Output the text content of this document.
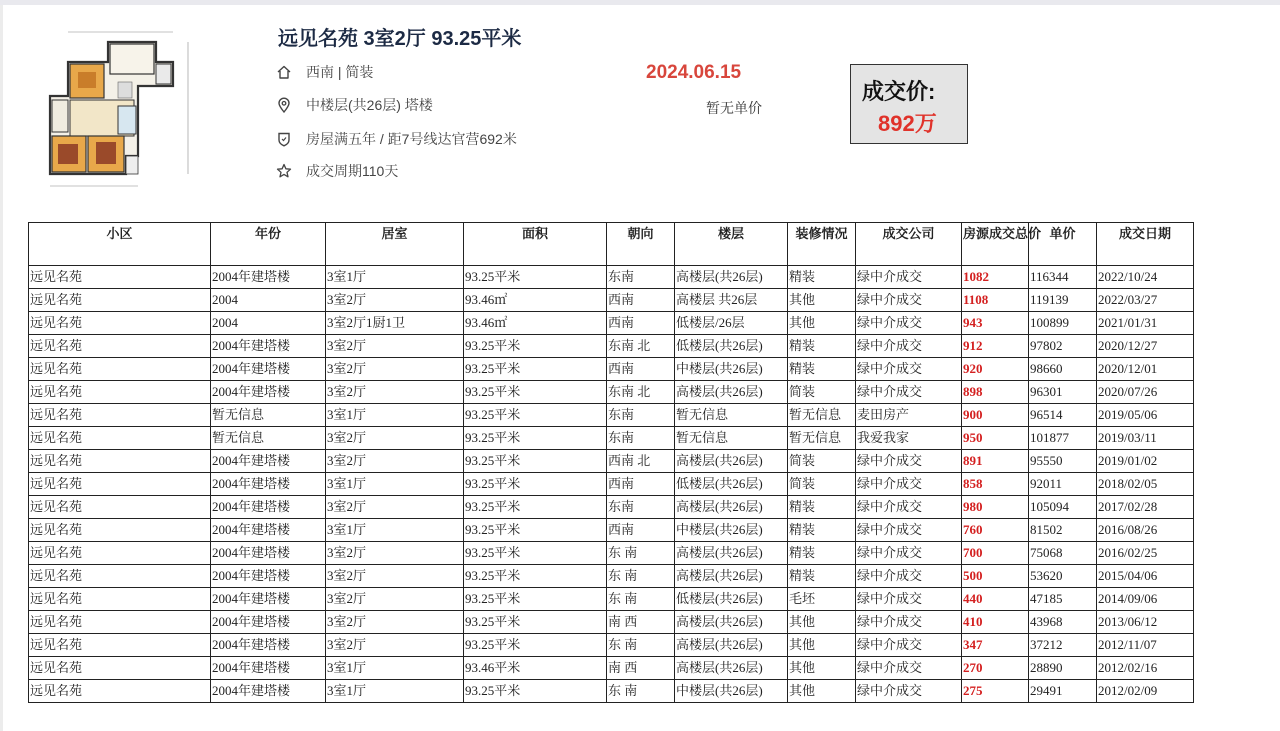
远见名苑 3室2厅 93.25平米
西南 | 简装
中楼层(共26层) 塔楼
房屋满五年 / 距7号线达官营692米
成交周期110天
2024.06.15
暂无单价
成交价:
892万
小区	年份	居室	面积	朝向	楼层	装修情况	成交公司	房源成交总价	单价	成交日期
远见名苑	2004年建塔楼	3室1厅	93.25平米	东南	高楼层(共26层)	精装	绿中介成交	1082	116344	2022/10/24
远见名苑	2004	3室2厅	93.46㎡	西南	高楼层 共26层	其他	绿中介成交	1108	119139	2022/03/27
远见名苑	2004	3室2厅1厨1卫	93.46㎡	西南	低楼层/26层	其他	绿中介成交	943	100899	2021/01/31
远见名苑	2004年建塔楼	3室2厅	93.25平米	东南 北	低楼层(共26层)	精装	绿中介成交	912	97802	2020/12/27
远见名苑	2004年建塔楼	3室2厅	93.25平米	西南	中楼层(共26层)	精装	绿中介成交	920	98660	2020/12/01
远见名苑	2004年建塔楼	3室2厅	93.25平米	东南 北	高楼层(共26层)	简装	绿中介成交	898	96301	2020/07/26
远见名苑	暂无信息	3室1厅	93.25平米	东南	暂无信息	暂无信息	麦田房产	900	96514	2019/05/06
远见名苑	暂无信息	3室2厅	93.25平米	东南	暂无信息	暂无信息	我爱我家	950	101877	2019/03/11
远见名苑	2004年建塔楼	3室2厅	93.25平米	西南 北	高楼层(共26层)	简装	绿中介成交	891	95550	2019/01/02
远见名苑	2004年建塔楼	3室1厅	93.25平米	西南	低楼层(共26层)	简装	绿中介成交	858	92011	2018/02/05
远见名苑	2004年建塔楼	3室2厅	93.25平米	东南	高楼层(共26层)	精装	绿中介成交	980	105094	2017/02/28
远见名苑	2004年建塔楼	3室1厅	93.25平米	西南	中楼层(共26层)	精装	绿中介成交	760	81502	2016/08/26
远见名苑	2004年建塔楼	3室2厅	93.25平米	东 南	高楼层(共26层)	精装	绿中介成交	700	75068	2016/02/25
远见名苑	2004年建塔楼	3室2厅	93.25平米	东 南	高楼层(共26层)	精装	绿中介成交	500	53620	2015/04/06
远见名苑	2004年建塔楼	3室2厅	93.25平米	东 南	低楼层(共26层)	毛坯	绿中介成交	440	47185	2014/09/06
远见名苑	2004年建塔楼	3室2厅	93.25平米	南 西	高楼层(共26层)	其他	绿中介成交	410	43968	2013/06/12
远见名苑	2004年建塔楼	3室2厅	93.25平米	东 南	高楼层(共26层)	其他	绿中介成交	347	37212	2012/11/07
远见名苑	2004年建塔楼	3室1厅	93.46平米	南 西	高楼层(共26层)	其他	绿中介成交	270	28890	2012/02/16
远见名苑	2004年建塔楼	3室1厅	93.25平米	东 南	中楼层(共26层)	其他	绿中介成交	275	29491	2012/02/09
